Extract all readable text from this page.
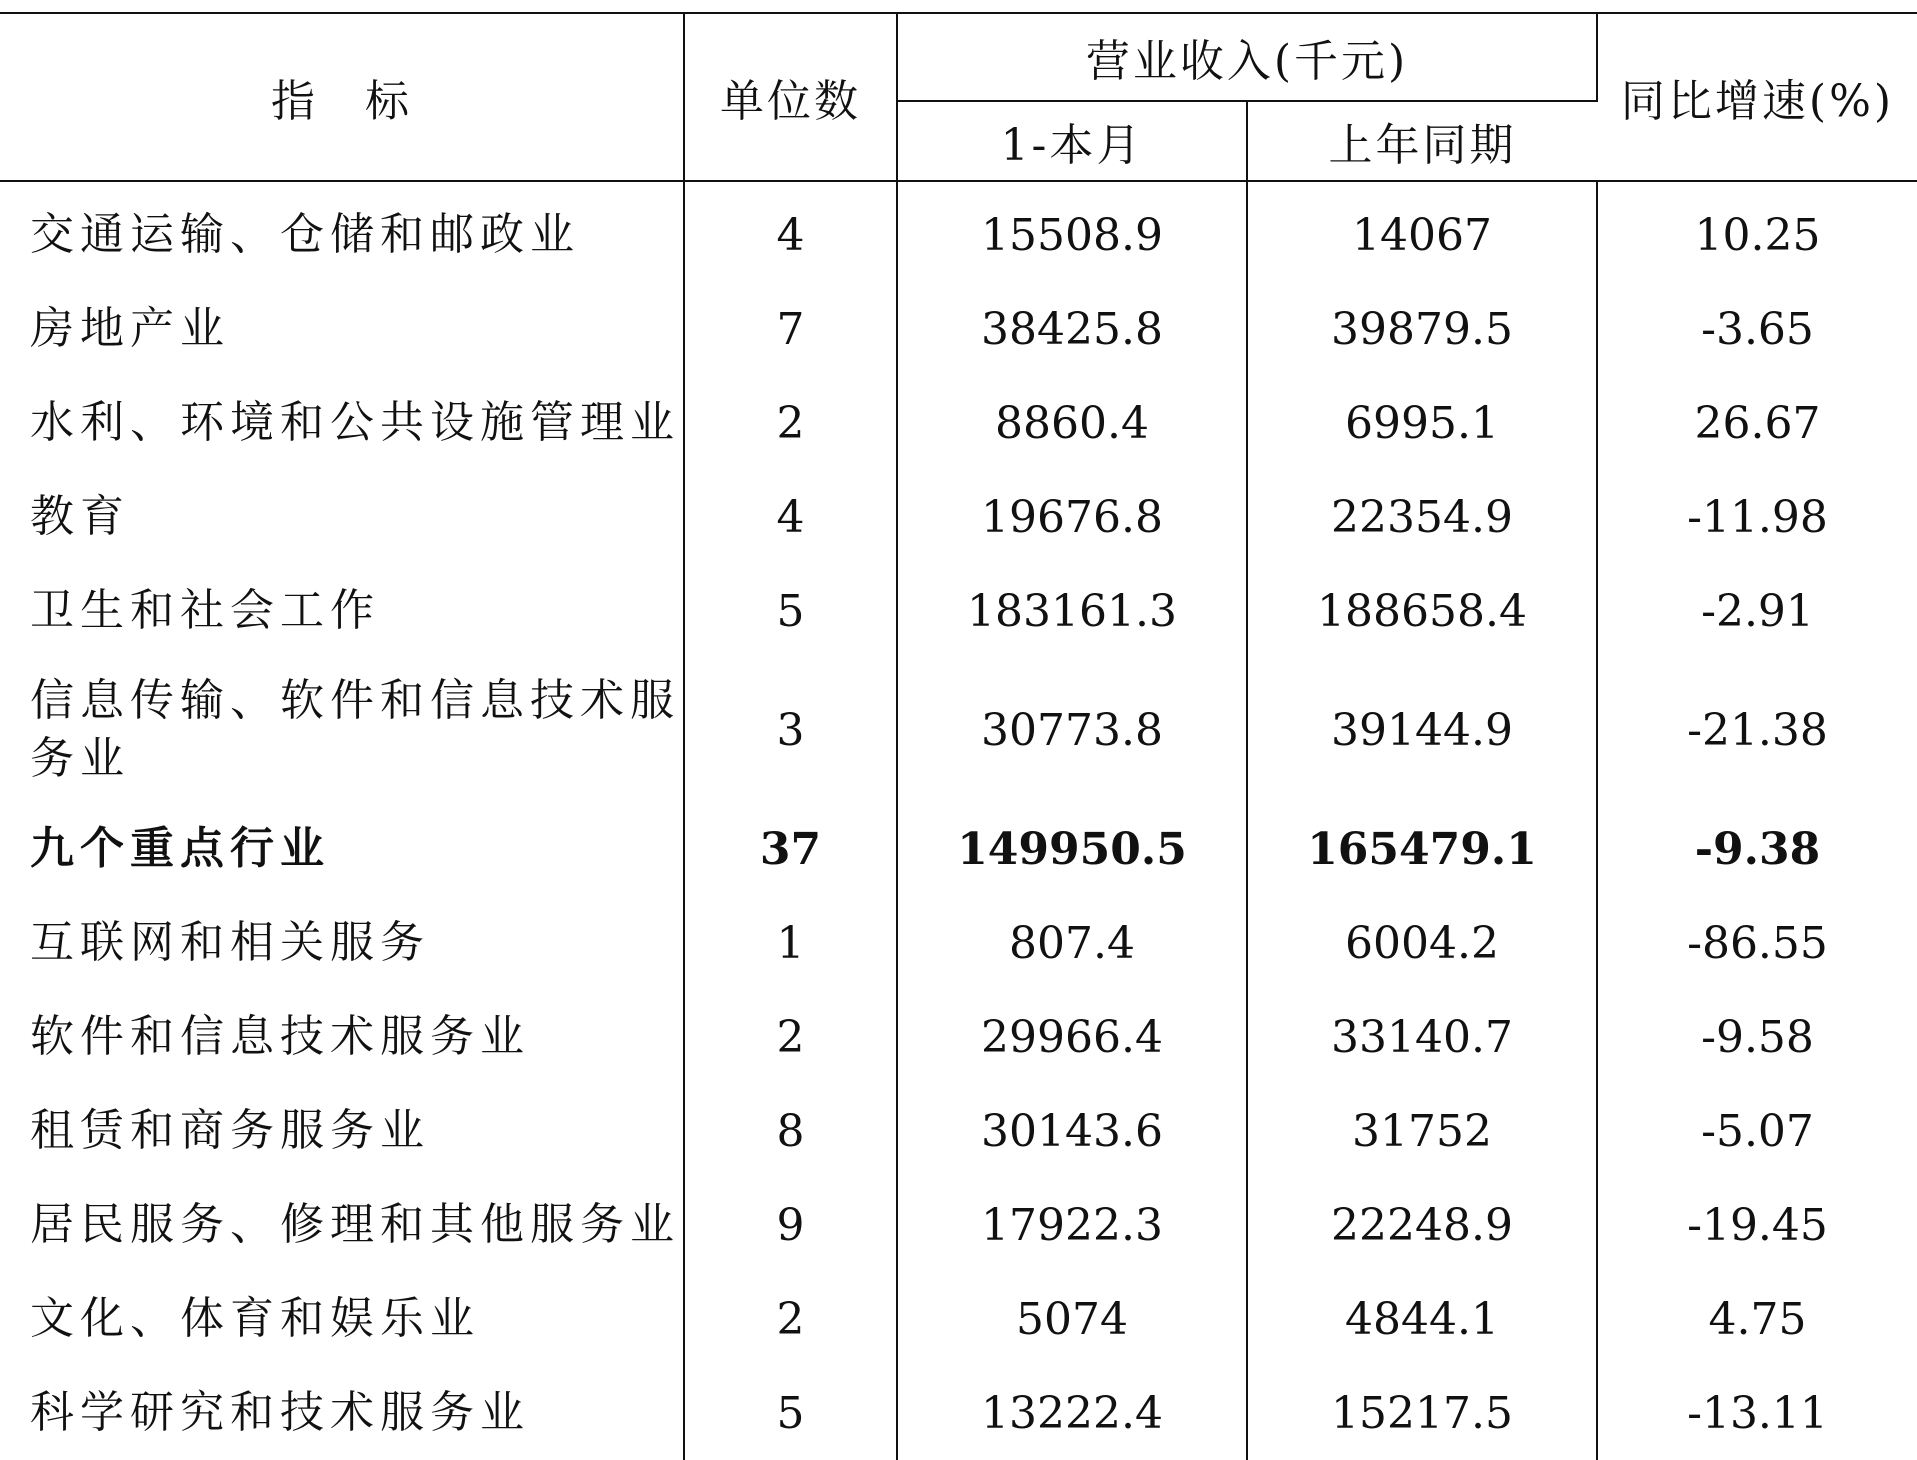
指　标	单位数	营业收入(千元)		同比增速(%)
		1-本月	上年同期	
交通运输、仓储和邮政业	4	15508.9	14067	10.25
房地产业	7	38425.8	39879.5	-3.65
水利、环境和公共设施管理业	2	8860.4	6995.1	26.67
教育	4	19676.8	22354.9	-11.98
卫生和社会工作	5	183161.3	188658.4	-2.91
信息传输、软件和信息技术服务业	3	30773.8	39144.9	-21.38
九个重点行业	37	149950.5	165479.1	-9.38
互联网和相关服务	1	807.4	6004.2	-86.55
软件和信息技术服务业	2	29966.4	33140.7	-9.58
租赁和商务服务业	8	30143.6	31752	-5.07
居民服务、修理和其他服务业	9	17922.3	22248.9	-19.45
文化、体育和娱乐业	2	5074	4844.1	4.75
科学研究和技术服务业	5	13222.4	15217.5	-13.11
